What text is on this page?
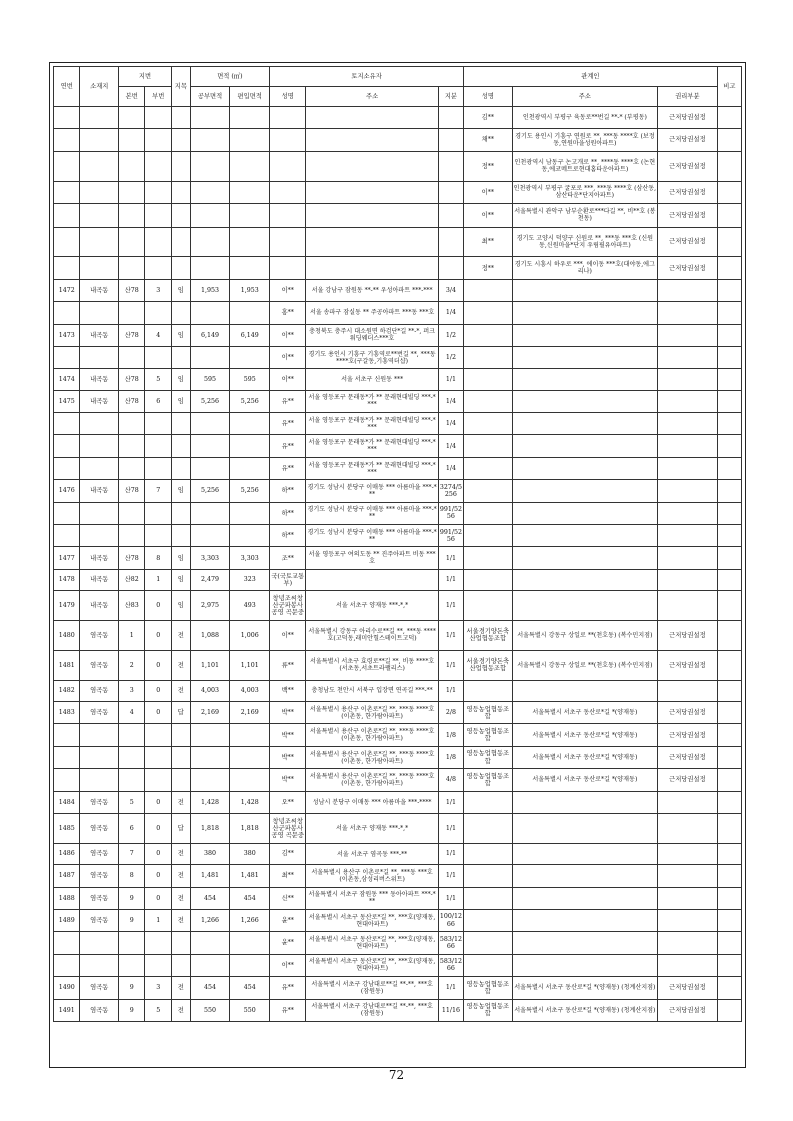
연번	소재지	지번		지목	면적 (㎡)		토지소유자			관계인			비고
		본번	부번		공부면적	편입면적	성명	주소	지분	성명	주소	권리부분	
										김**	인천광역시 부평구 육동로**번길 **-* (부평동)	근저당권설정	
										채**	경기도 용인시 기흥구 연원로 **, ***동 ****호 (보정동,연원마을성원아파트)	근저당권설정	
										정**	인천광역시 남동구 논고개로 **, ****동 ****호 (논현동,에코메트로현대홈타운아파트)	근저당권설정	
										이**	인천광역시 부평구 굴포로 ***, ***동 ****호 (삼산동, 삼산타운*단지아파트)	근저당권설정	
										이**	서울특별시 관악구 남부순환로***다길 **, 비**호 (봉천동)	근저당권설정	
										최**	경기도 고양시 덕양구 신원로 **, ***동 ***호 (신원동,신원마을*단지 우림필유아파트)	근저당권설정	
										정**	경기도 시흥시 하우로 ***, 에이동 ***호(대야동,에그리나)	근저당권설정	
1472	내곡동	산78	3	임	1,953	1,953	이**	서울 강남구 잠원동 **-** 우성아파트 ***-***	3/4				
							홍**	서울 송파구 잠실동 ** 주공아파트 ***동 ***호	1/4				
1473	내곡동	산78	4	임	6,149	6,149	이**	충청북도 충주시 대소원면 하검단*길 **-*, 퍼크워딩웨더스***호	1/2				
							이**	경기도 용인시 기흥구 기흥역로**번길 **, ***동****호(구갈동,기흥역더샵)	1/2				
1474	내곡동	산78	5	임	595	595	이**	서울 서초구 신원동 ***	1/1				
1475	내곡동	산78	6	임	5,256	5,256	유**	서울 영등포구 문래동*가 ** 문래현대빌딩 ***-****	1/4				
							유**	서울 영등포구 문래동*가 ** 문래현대빌딩 ***-****	1/4				
							유**	서울 영등포구 문래동*가 ** 문래현대빌딩 ***-****	1/4				
							유**	서울 영등포구 문래동*가 ** 문래현대빌딩 ***-****	1/4				
1476	내곡동	산78	7	임	5,256	5,256	하**	경기도 성남시 분당구 이매동 *** 아름마을 ***-***	3274/5256				
							하**	경기도 성남시 분당구 이매동 *** 아름마을 ***-***	991/5256				
							하**	경기도 성남시 분당구 이매동 *** 아름마을 ***-***	991/5256				
1477	내곡동	산78	8	임	3,303	3,303	조**	서울 영등포구 여의도동 ** 진주아파트 비동 ***호	1/1				
1478	내곡동	산82	1	임	2,479	323	국(국토교통부)		1/1				
1479	내곡동	산83	0	임	2,975	493	창녕조씨창산군파봉사공영 곡문중	서울 서초구 양재동 ***-*,*	1/1				
1480	염곡동	1	0	전	1,088	1,006	이**	서울특별시 강동구 아리수로**길 **, ***동 ****호(고덕동,래미안힐스테이트고덕)	1/1	서울경기양돈축산업협동조합	서울특별시 강동구 상일로 **(천호동) (복수민지점)	근저당권설정	
1481	염곡동	2	0	전	1,101	1,101	류**	서울특별시 서초구 효령로**길 **, 비동 ****호(서초동,서초트라팰리스)	1/1	서울경기양돈축산업협동조합	서울특별시 강동구 상일로 **(천호동) (복수민지점)	근저당권설정	
1482	염곡동	3	0	전	4,003	4,003	백**	충청남도 천안시 서북구 입장면 연곡길 ***-**	1/1				
1483	염곡동	4	0	답	2,169	2,169	박**	서울특별시 용산구 이촌로*길 **, ***동 ****호 (이촌동, 한가람아파트)	2/8	영등농업협동조합	서울특별시 서초구 동산로*길 *(양재동)	근저당권설정	
							박**	서울특별시 용산구 이촌로*길 **, ***동 ****호(이촌동, 한가람아파트)	1/8	영등농업협동조합	서울특별시 서초구 동산로*길 *(양재동)	근저당권설정	
							박**	서울특별시 용산구 이촌로*길 **, ***동 ****호(이촌동, 한가람아파트)	1/8	영등농업협동조합	서울특별시 서초구 동산로*길 *(양재동)	근저당권설정	
							박**	서울특별시 용산구 이촌로*길 **, ***동 ****호 (이촌동, 한가람아파트)	4/8	영등농업협동조합	서울특별시 서초구 동산로*길 *(양재동)	근저당권설정	
1484	염곡동	5	0	전	1,428	1,428	오**	성남시 분당구 이매동 *** 아름마을 ***-****	1/1				
1485	염곡동	6	0	답	1,818	1,818	창녕조씨창산군파봉사공영 곡문중	서울 서초구 양재동 ***-*,*	1/1				
1486	염곡동	7	0	전	380	380	김**	서울 서초구 염곡동 ***-**	1/1				
1487	염곡동	8	0	전	1,481	1,481	최**	서울특별시 용산구 이촌로*길 **, ***동 ***호 (이촌동,삼성리버스위트)	1/1				
1488	염곡동	9	0	전	454	454	신**	서울특별시 서초구 잠원동 *** 동아아파트 ***-***	1/1				
1489	염곡동	9	1	전	1,266	1,266	윤**	서울특별시 서초구 동산로*길 **, ***호(양재동, 현대아파트)	100/1266				
							윤**	서울특별시 서초구 동산로*길 **, ***호(양재동, 현대아파트)	583/1266				
							이**	서울특별시 서초구 동산로*길 **, ***호(양재동, 현대아파트)	583/1266				
1490	염곡동	9	3	전	454	454	유**	서울특별시 서초구 강남대로**길 **-**, ***호(잠원동)	1/1	영등농업협동조합	서울특별시 서초구 동산로*길 *(양재동) (청계산지점)	근저당권설정	
1491	염곡동	9	5	전	550	550	유**	서울특별시 서초구 강남대로**길 **-**, ***호(잠원동)	11/16	영등농업협동조합	서울특별시 서초구 동산로*길 *(양재동) (청계산지점)	근저당권설정	
72
